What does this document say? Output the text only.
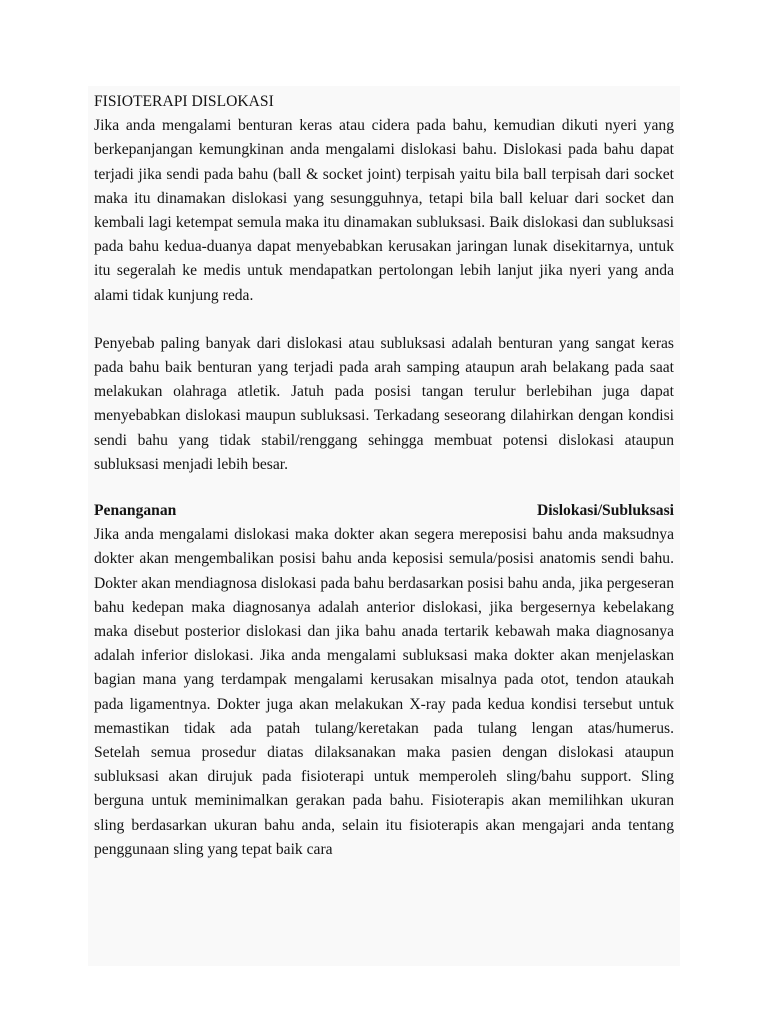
FISIOTERAPI DISLOKASI

Jika anda mengalami benturan keras atau cidera pada bahu, kemudian dikuti nyeri yang berkepanjangan kemungkinan anda mengalami dislokasi bahu. Dislokasi pada bahu dapat terjadi jika sendi pada bahu (ball & socket joint) terpisah yaitu bila ball terpisah dari socket maka itu dinamakan dislokasi yang sesungguhnya, tetapi bila ball keluar dari socket dan kembali lagi ketempat semula maka itu dinamakan subluksasi. Baik dislokasi dan subluksasi pada bahu kedua-duanya dapat menyebabkan kerusakan jaringan lunak disekitarnya, untuk itu segeralah ke medis untuk mendapatkan pertolongan lebih lanjut jika nyeri yang anda alami tidak kunjung reda.

Penyebab paling banyak dari dislokasi atau subluksasi adalah benturan yang sangat keras pada bahu baik benturan yang terjadi pada arah samping ataupun arah belakang pada saat melakukan olahraga atletik. Jatuh pada posisi tangan terulur berlebihan juga dapat menyebabkan dislokasi maupun subluksasi. Terkadang seseorang dilahirkan dengan kondisi sendi bahu yang tidak stabil/renggang sehingga membuat potensi dislokasi ataupun subluksasi menjadi lebih besar.

Penanganan	Dislokasi/Subluksasi

Jika anda mengalami dislokasi maka dokter akan segera mereposisi bahu anda maksudnya dokter akan mengembalikan posisi bahu anda keposisi semula/posisi anatomis sendi bahu. Dokter akan mendiagnosa dislokasi pada bahu berdasarkan posisi bahu anda, jika pergeseran bahu kedepan maka diagnosanya adalah anterior dislokasi, jika bergesernya kebelakang maka disebut posterior dislokasi dan jika bahu anada tertarik kebawah maka diagnosanya adalah inferior dislokasi. Jika anda mengalami subluksasi maka dokter akan menjelaskan bagian mana yang terdampak mengalami kerusakan misalnya pada otot, tendon ataukah pada ligamentnya. Dokter juga akan melakukan X-ray pada kedua kondisi tersebut untuk memastikan tidak ada patah tulang/keretakan pada tulang lengan atas/humerus.

Setelah semua prosedur diatas dilaksanakan maka pasien dengan dislokasi ataupun subluksasi akan dirujuk pada fisioterapi untuk memperoleh sling/bahu support. Sling berguna untuk meminimalkan gerakan pada bahu. Fisioterapis akan memilihkan ukuran sling berdasarkan ukuran bahu anda, selain itu fisioterapis akan mengajari anda tentang penggunaan sling yang tepat baik cara
